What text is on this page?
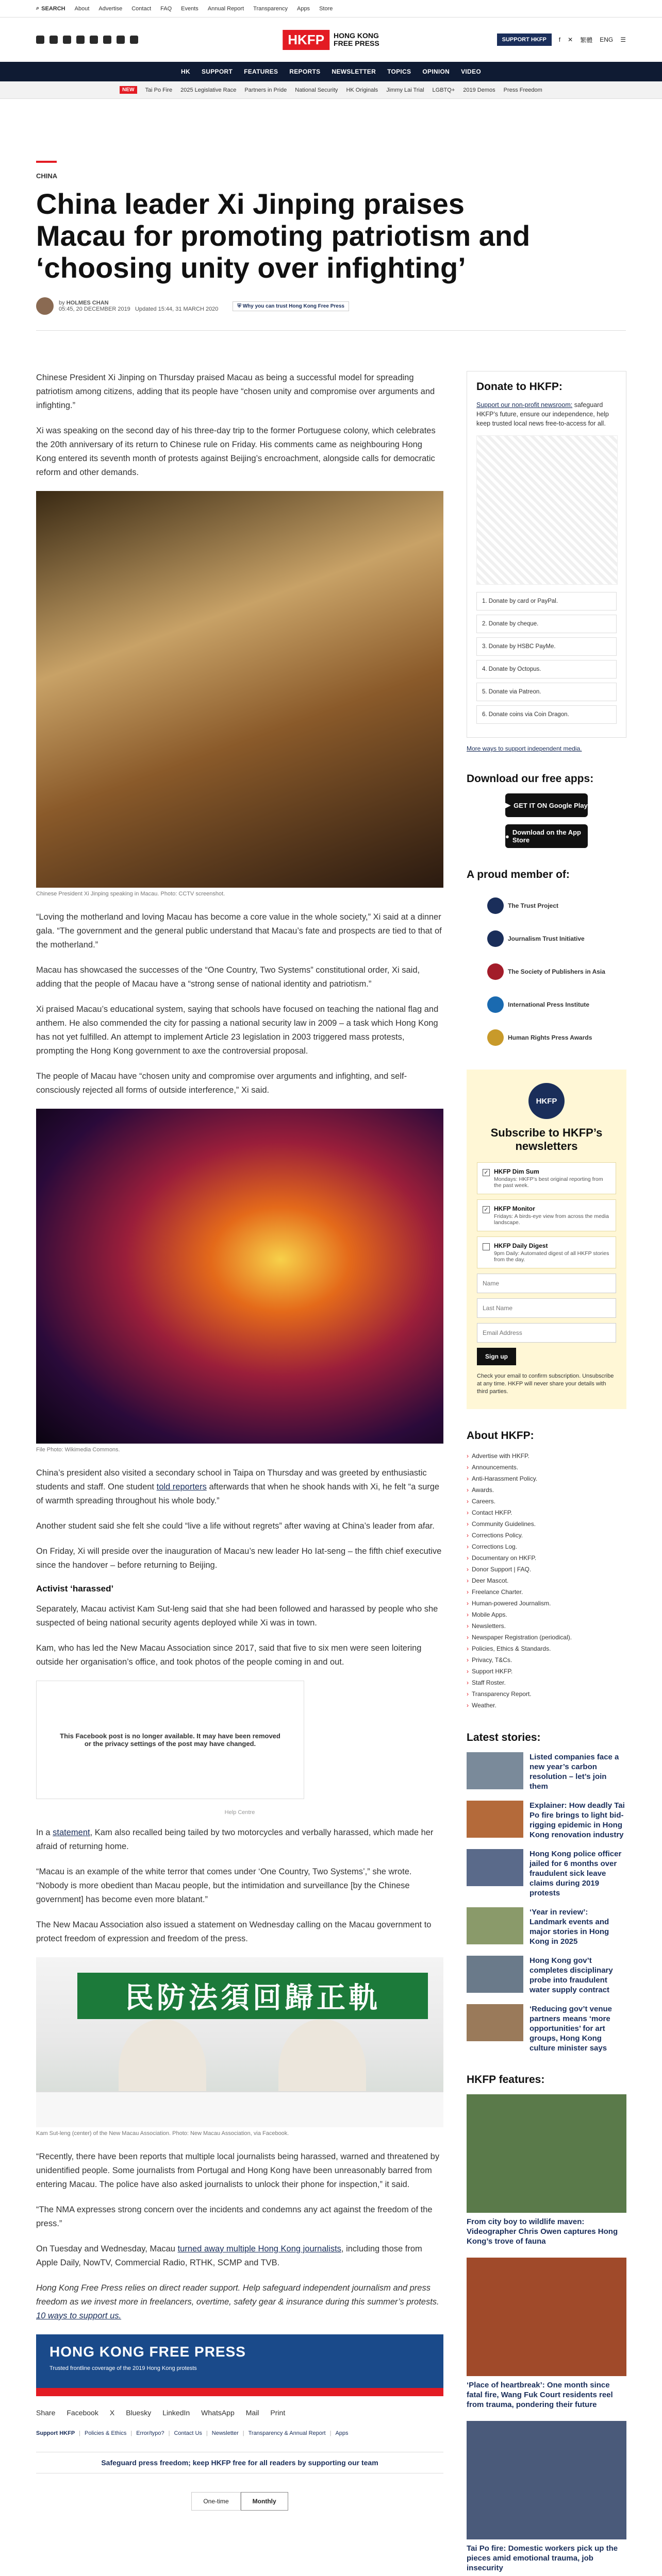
⌕ SEARCH About Advertise Contact FAQ Events Annual Report Transparency Apps Store
HKFP	HONG KONG
FREE PRESS	SUPPORT HKFP	f ✕ 繁體 ENG ☰
HK SUPPORT FEATURES REPORTS NEWSLETTER TOPICS OPINION VIDEO
NEW	Tai Po Fire 2025 Legislative Race Partners in Pride National Security HK Originals Jimmy Lai Trial LGBTQ+ 2019 Demos Press Freedom
CHINA
China leader Xi Jinping praises Macau for promoting patriotism and ‘choosing unity over infighting’
by HOLMES CHAN
05:45, 20 DECEMBER 2019 Updated 15:44, 31 MARCH 2020	⛨ Why you can trust Hong Kong Free Press

Chinese President Xi Jinping on Thursday praised Macau as being a successful model for spreading patriotism among citizens, adding that its people have “chosen unity and compromise over arguments and infighting.”

Xi was speaking on the second day of his three-day trip to the former Portuguese colony, which celebrates the 20th anniversary of its return to Chinese rule on Friday. His comments came as neighbouring Hong Kong entered its seventh month of protests against Beijing’s encroachment, alongside calls for democratic reform and other demands.

Chinese President Xi Jinping speaking in Macau. Photo: CCTV screenshot.

“Loving the motherland and loving Macau has become a core value in the whole society,” Xi said at a dinner gala. “The government and the general public understand that Macau’s fate and prospects are tied to that of the motherland.”

Macau has showcased the successes of the “One Country, Two Systems” constitutional order, Xi said, adding that the people of Macau have a “strong sense of national identity and patriotism.”

Xi praised Macau’s educational system, saying that schools have focused on teaching the national flag and anthem. He also commended the city for passing a national security law in 2009 – a task which Hong Kong has not yet fulfilled. An attempt to implement Article 23 legislation in 2003 triggered mass protests, prompting the Hong Kong government to axe the controversial proposal.

The people of Macau have “chosen unity and compromise over arguments and infighting, and self-consciously rejected all forms of outside interference,” Xi said.

File Photo: Wikimedia Commons.

China’s president also visited a secondary school in Taipa on Thursday and was greeted by enthusiastic students and staff. One student told reporters afterwards that when he shook hands with Xi, he felt “a surge of warmth spreading throughout his whole body.”

Another student said she felt she could “live a life without regrets” after waving at China’s leader from afar.

On Friday, Xi will preside over the inauguration of Macau’s new leader Ho Iat-seng – the fifth chief executive since the handover – before returning to Beijing.

Activist ‘harassed’

Separately, Macau activist Kam Sut-leng said that she had been followed and harassed by people who she suspected of being national security agents deployed while Xi was in town.

Kam, who has led the New Macau Association since 2017, said that five to six men were seen loitering outside her organisation’s office, and took photos of the people coming in and out.

This Facebook post is no longer available. It may have been removed or the privacy settings of the post may have changed.
Help Centre

In a statement, Kam also recalled being tailed by two motorcycles and verbally harassed, which made her afraid of returning home.

“Macau is an example of the white terror that comes under ‘One Country, Two Systems’,” she wrote. “Nobody is more obedient than Macau people, but the intimidation and surveillance [by the Chinese government] has become even more blatant.”

The New Macau Association also issued a statement on Wednesday calling on the Macau government to protect freedom of expression and freedom of the press.

民防法須回歸正軌
Kam Sut-leng (center) of the New Macau Association. Photo: New Macau Association, via Facebook.

“Recently, there have been reports that multiple local journalists being harassed, warned and threatened by unidentified people. Some journalists from Portugal and Hong Kong have been unreasonably barred from entering Macau. The police have also asked journalists to unlock their phone for inspection,” it said.

“The NMA expresses strong concern over the incidents and condemns any act against the freedom of the press.”

On Tuesday and Wednesday, Macau turned away multiple Hong Kong journalists, including those from Apple Daily, NowTV, Commercial Radio, RTHK, SCMP and TVB.

Hong Kong Free Press relies on direct reader support. Help safeguard independent journalism and press freedom as we invest more in freelancers, overtime, safety gear & insurance during this summer’s protests. 10 ways to support us.

HONG KONG FREE PRESS
Trusted frontline coverage of the 2019 Hong Kong protests
Share Facebook X Bluesky LinkedIn WhatsApp Mail Print
Support HKFP | Policies & Ethics | Error/typo? | Contact Us | Newsletter | Transparency & Annual Report | Apps
Safeguard press freedom; keep HKFP free for all readers by supporting our team
One-time	Monthly
Donate to HKFP:

Support our non-profit newsroom: safeguard HKFP’s future, ensure our independence, help keep trusted local news free-to-access for all.

1. Donate by card or PayPal.
2. Donate by cheque.
3. Donate by HSBC PayMe.
4. Donate by Octopus.
5. Donate via Patreon.
6. Donate coins via Coin Dragon.
More ways to support independent media.
Download our free apps:
▶ GET IT ON Google Play
● Download on the App Store
A proud member of:
The Trust Project
Journalism Trust Initiative
The Society of Publishers in Asia
International Press Institute
Human Rights Press Awards
HKFP
Subscribe to HKFP’s newsletters
✓ HKFP Dim Sum
Mondays: HKFP’s best original reporting from the past week.
✓ HKFP Monitor
Fridays: A birds-eye view from across the media landscape.
HKFP Daily Digest
9pm Daily: Automated digest of all HKFP stories from the day.
Name
Last Name
Email Address
Sign up
Check your email to confirm subscription. Unsubscribe at any time. HKFP will never share your details with third parties.
About HKFP:
› Advertise with HKFP.
› Announcements.
› Anti-Harassment Policy.
› Awards.
› Careers.
› Contact HKFP.
› Community Guidelines.
› Corrections Policy.
› Corrections Log.
› Documentary on HKFP.
› Donor Support | FAQ.
› Deer Mascot.
› Freelance Charter.
› Human-powered Journalism.
› Mobile Apps.
› Newsletters.
› Newspaper Registration (periodical).
› Policies, Ethics & Standards.
› Privacy, T&Cs.
› Support HKFP.
› Staff Roster.
› Transparency Report.
› Weather.
Latest stories:
Listed companies face a new year’s carbon resolution – let’s join them
Explainer: How deadly Tai Po fire brings to light bid-rigging epidemic in Hong Kong renovation industry
Hong Kong police officer jailed for 6 months over fraudulent sick leave claims during 2019 protests
‘Year in review’: Landmark events and major stories in Hong Kong in 2025
Hong Kong gov’t completes disciplinary probe into fraudulent water supply contract
‘Reducing gov’t venue partners means ‘more opportunities’ for art groups, Hong Kong culture minister says
HKFP features:
From city boy to wildlife maven: Videographer Chris Owen captures Hong Kong’s trove of fauna
‘Place of heartbreak’: One month since fatal fire, Wang Fuk Court residents reel from trauma, pondering their future
Tai Po fire: Domestic workers pick up the pieces amid emotional trauma, job insecurity
